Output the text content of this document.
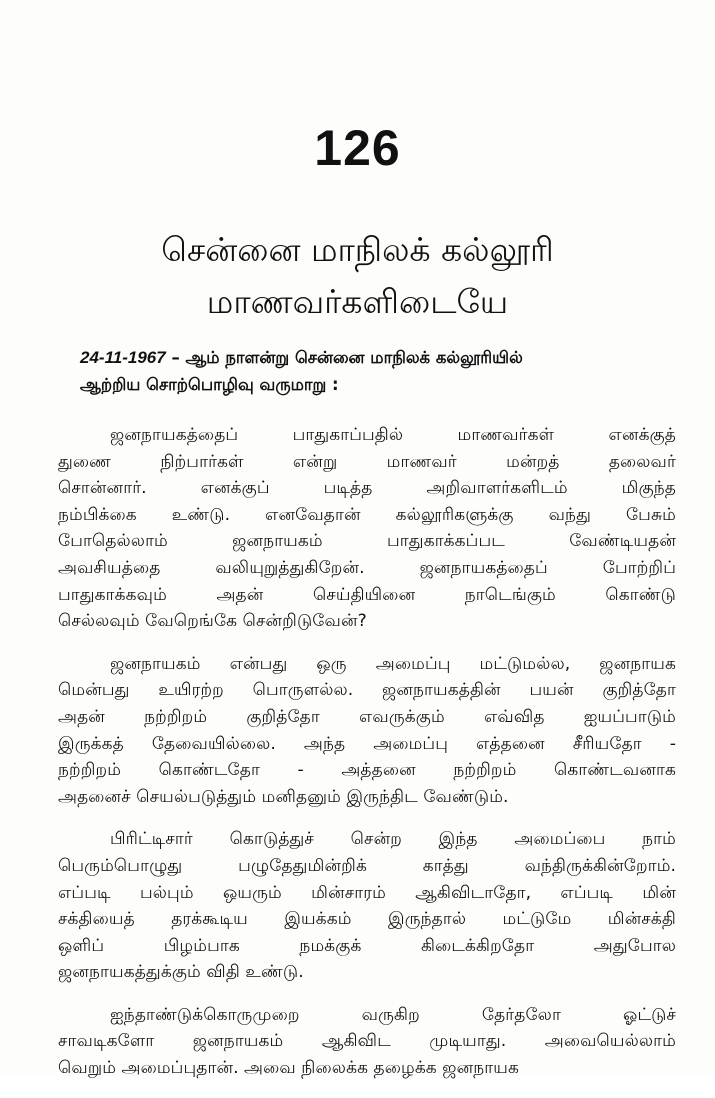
126
சென்னை மாநிலக் கல்லூரி
மாணவர்களிடையே
24-11-1967 – ஆம் நாளன்று சென்னை மாநிலக் கல்லூரியில்
ஆற்றிய சொற்பொழிவு வருமாறு :
ஜனநாயகத்தைப் பாதுகாப்பதில் மாணவர்கள் எனக்குத்
துணை நிற்பார்கள் என்று மாணவர் மன்றத் தலைவர்
சொன்னார். எனக்குப் படித்த அறிவாளர்களிடம் மிகுந்த
நம்பிக்கை உண்டு. எனவேதான் கல்லூரிகளுக்கு வந்து பேசும்
போதெல்லாம் ஜனநாயகம் பாதுகாக்கப்பட வேண்டியதன்
அவசியத்தை வலியுறுத்துகிறேன். ஜனநாயகத்தைப் போற்றிப்
பாதுகாக்கவும் அதன் செய்தியினை நாடெங்கும் கொண்டு
செல்லவும் வேறெங்கே சென்றிடுவேன்?
ஜனநாயகம் என்பது ஒரு அமைப்பு மட்டுமல்ல, ஜனநாயக
மென்பது உயிரற்ற பொருளல்ல. ஜனநாயகத்தின் பயன் குறித்தோ
அதன் நற்றிறம் குறித்தோ எவருக்கும் எவ்வித ஐயப்பாடும்
இருக்கத் தேவையில்லை. அந்த அமைப்பு எத்தனை சீரியதோ -
நற்றிறம் கொண்டதோ - அத்தனை நற்றிறம் கொண்டவனாக
அதனைச் செயல்படுத்தும் மனிதனும் இருந்திட வேண்டும்.
பிரிட்டிசார் கொடுத்துச் சென்ற இந்த அமைப்பை நாம்
பெரும்பொழுது பழுதேதுமின்றிக் காத்து வந்திருக்கின்றோம்.
எப்படி பல்பும் ஒயரும் மின்சாரம் ஆகிவிடாதோ, எப்படி மின்
சக்தியைத் தரக்கூடிய இயக்கம் இருந்தால் மட்டுமே மின்சக்தி
ஒளிப் பிழம்பாக நமக்குக் கிடைக்கிறதோ அதுபோல
ஜனநாயகத்துக்கும் விதி உண்டு.
ஐந்தாண்டுக்கொருமுறை வருகிற தேர்தலோ ஓட்டுச்
சாவடிகளோ ஜனநாயகம் ஆகிவிட முடியாது. அவையெல்லாம்
வெறும் அமைப்புதான். அவை நிலைக்க தழைக்க ஜனநாயக
